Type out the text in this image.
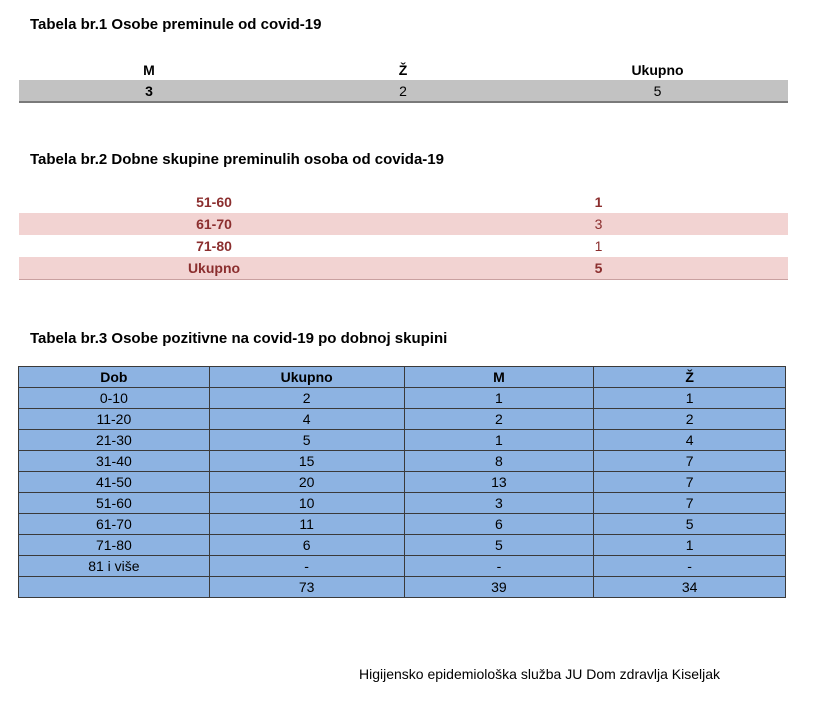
Tabela br.1 Osobe preminule od covid-19
M	Ž	Ukupno
3	2	5
Tabela br.2 Dobne skupine preminulih osoba od covida-19
51-60	1
61-70	3
71-80	1
Ukupno	5
Tabela br.3 Osobe pozitivne na covid-19 po dobnoj skupini
Dob	Ukupno	M	Ž
0-10	2	1	1
11-20	4	2	2
21-30	5	1	4
31-40	15	8	7
41-50	20	13	7
51-60	10	3	7
61-70	11	6	5
71-80	6	5	1
81 i više	-	-	-
	73	39	34
Higijensko epidemiološka služba JU Dom zdravlja Kiseljak
